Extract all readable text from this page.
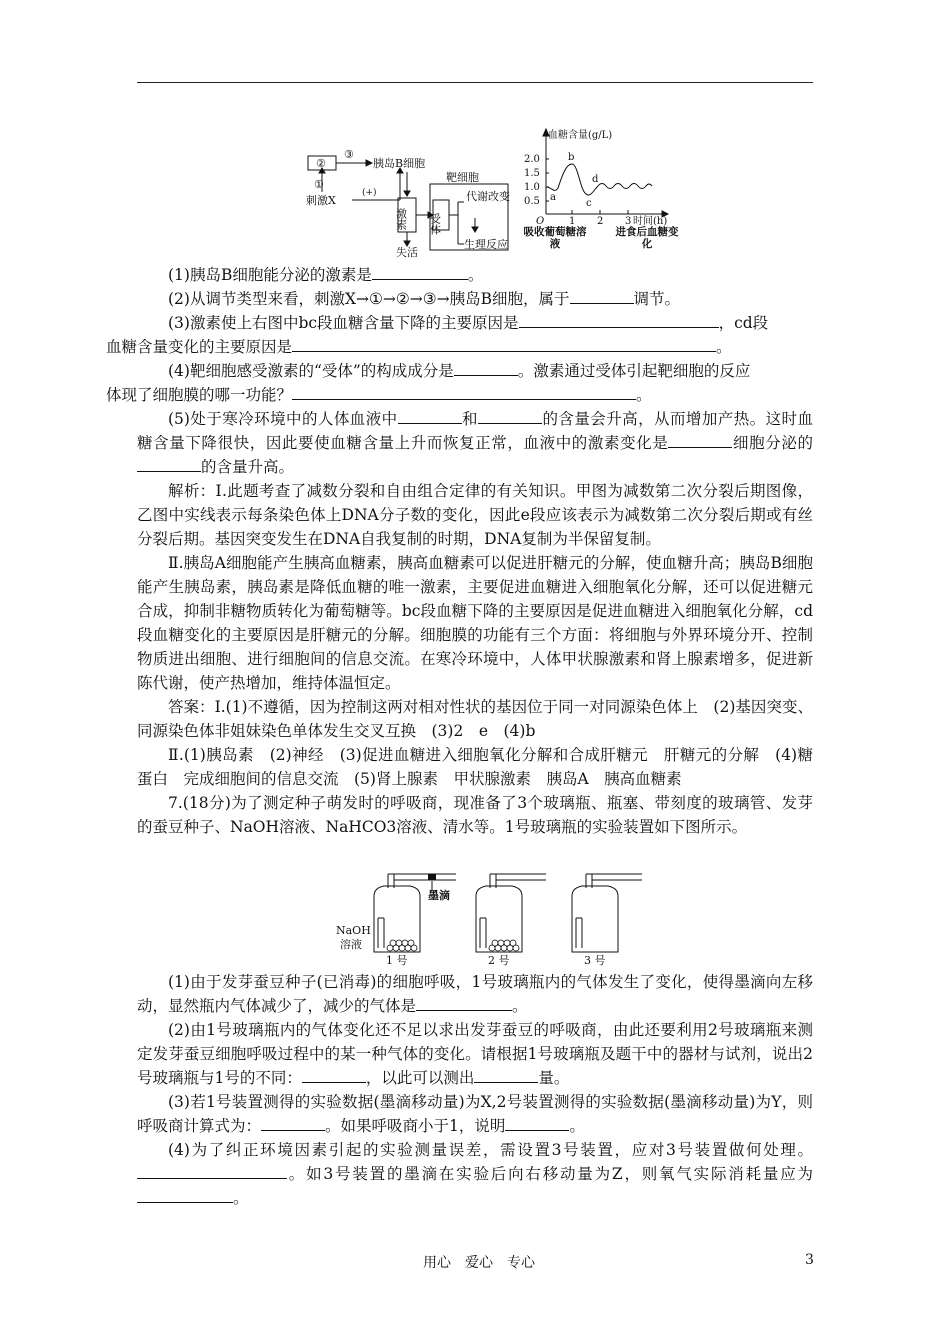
②
③
胰岛B细胞
①
刺激X
(+)
靶细胞
受体
代谢改变
生理反应
激素
失活
血糖含量(g/L)
2.0
1.5
1.0
0.5
O 1 2 3 时间(h)
a
b
c
d
吸收葡萄糖溶液
进食后血糖变化

(1)胰岛B细胞能分泌的激素是	。

(2)从调节类型来看，刺激X→①→②→③→胰岛B细胞，属于	调节。

(3)激素使上右图中bc段血糖含量下降的主要原因是	，cd段
血糖含量变化的主要原因是	。

(4)靶细胞感受激素的“受体”的构成成分是	。激素通过受体引起靶细胞的反应
体现了细胞膜的哪一功能？	。

(5)处于寒冷环境中的人体血液中	和	的含量会升高，从而增加产热。这时血糖含量下降很快，因此要使血糖含量上升而恢复正常，血液中的激素变化是	细胞分泌的的含量升高。

解析：Ⅰ.此题考查了减数分裂和自由组合定律的有关知识。甲图为减数第二次分裂后期图像，乙图中实线表示每条染色体上DNA分子数的变化，因此e段应该表示为减数第二次分裂后期或有丝分裂后期。基因突变发生在DNA自我复制的时期，DNA复制为半保留复制。

Ⅱ.胰岛A细胞能产生胰高血糖素，胰高血糖素可以促进肝糖元的分解，使血糖升高；胰岛B细胞能产生胰岛素，胰岛素是降低血糖的唯一激素，主要促进血糖进入细胞氧化分解，还可以促进糖元合成，抑制非糖物质转化为葡萄糖等。bc段血糖下降的主要原因是促进血糖进入细胞氧化分解，cd段血糖变化的主要原因是肝糖元的分解。细胞膜的功能有三个方面：将细胞与外界环境分开、控制物质进出细胞、进行细胞间的信息交流。在寒冷环境中，人体甲状腺激素和肾上腺素增多，促进新陈代谢，使产热增加，维持体温恒定。

答案：Ⅰ.(1)不遵循，因为控制这两对相对性状的基因位于同一对同源染色体上　(2)基因突变、同源染色体非姐妹染色单体发生交叉互换　(3)2　e　(4)b

Ⅱ.(1)胰岛素　(2)神经　(3)促进血糖进入细胞氧化分解和合成肝糖元　肝糖元的分解　(4)糖蛋白　完成细胞间的信息交流　(5)肾上腺素　甲状腺激素　胰岛A　胰高血糖素

7.(18分)为了测定种子萌发时的呼吸商，现准备了3个玻璃瓶、瓶塞、带刻度的玻璃管、发芽的蚕豆种子、NaOH溶液、NaHCO3溶液、清水等。1号玻璃瓶的实验装置如下图所示。

墨滴
NaOH
溶液
1 号	2 号	3 号

(1)由于发芽蚕豆种子(已消毒)的细胞呼吸，1号玻璃瓶内的气体发生了变化，使得墨滴向左移动，显然瓶内气体减少了，减少的气体是	。

(2)由1号玻璃瓶内的气体变化还不足以求出发芽蚕豆的呼吸商，由此还要利用2号玻璃瓶来测定发芽蚕豆细胞呼吸过程中的某一种气体的变化。请根据1号玻璃瓶及题干中的器材与试剂，说出2号玻璃瓶与1号的不同：	，以此可以测出	量。

(3)若1号装置测得的实验数据(墨滴移动量)为X,2号装置测得的实验数据(墨滴移动量)为Y，则呼吸商计算式为：	。如果呼吸商小于1，说明	。

(4)为了纠正环境因素引起的实验测量误差，需设置3号装置，应对3号装置做何处理。。如3号装置的墨滴在实验后向右移动量为Z，则氧气实际消耗量应为。

用心　爱心　专心	3
